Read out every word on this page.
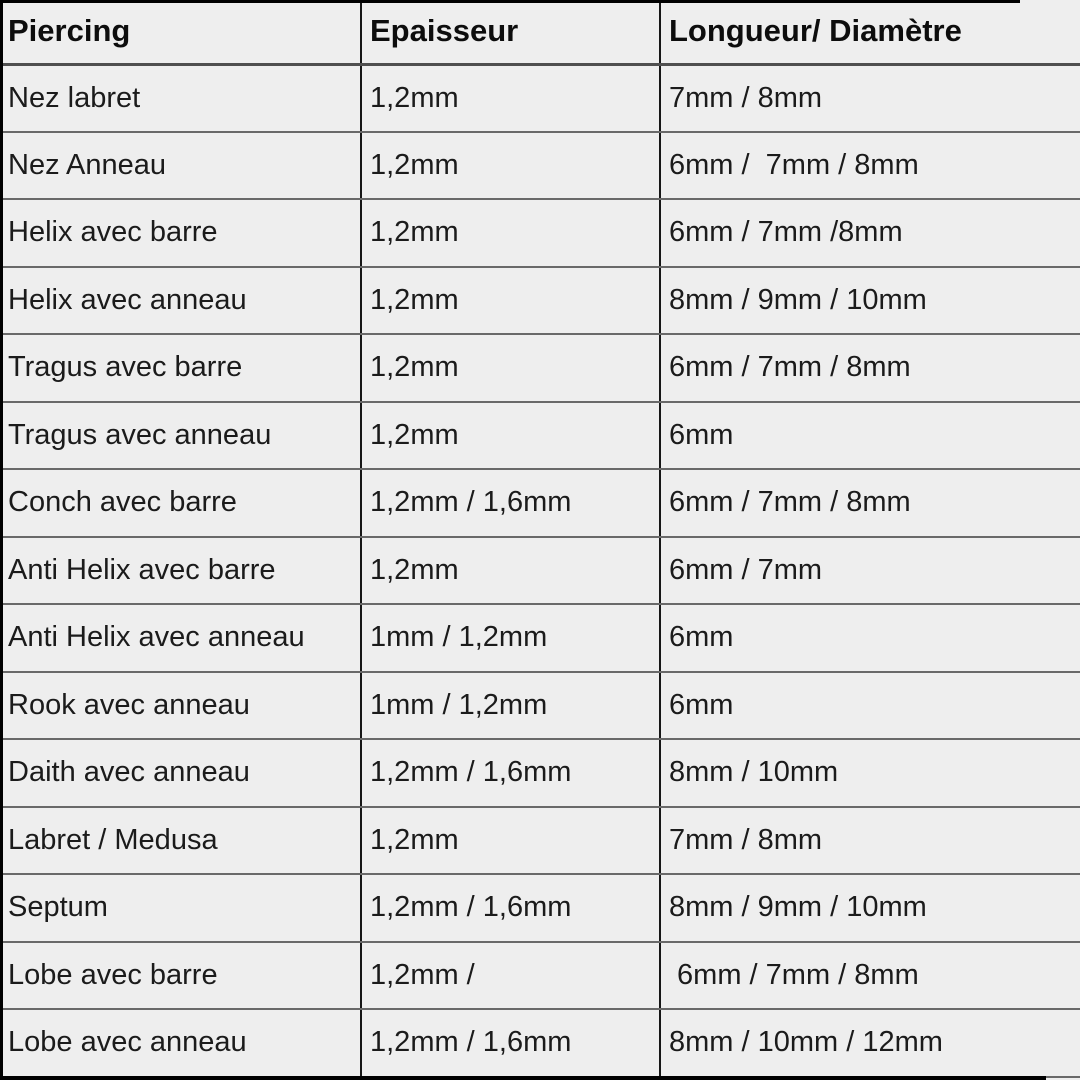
Piercing	Epaisseur	Longueur/ Diamètre
Nez labret	1,2mm	7mm / 8mm
Nez Anneau	1,2mm	6mm /  7mm / 8mm
Helix avec barre	1,2mm	6mm / 7mm /8mm
Helix avec anneau	1,2mm	8mm / 9mm / 10mm
Tragus avec barre	1,2mm	6mm / 7mm / 8mm
Tragus avec anneau	1,2mm	6mm
Conch avec barre	1,2mm / 1,6mm	6mm / 7mm / 8mm
Anti Helix avec barre	1,2mm	6mm / 7mm
Anti Helix avec anneau	1mm / 1,2mm	6mm
Rook avec anneau	1mm / 1,2mm	6mm
Daith avec anneau	1,2mm / 1,6mm	8mm / 10mm
Labret / Medusa	1,2mm	7mm / 8mm
Septum	1,2mm / 1,6mm	8mm / 9mm / 10mm
Lobe avec barre	1,2mm /	6mm / 7mm / 8mm
Lobe avec anneau	1,2mm / 1,6mm	8mm / 10mm / 12mm
